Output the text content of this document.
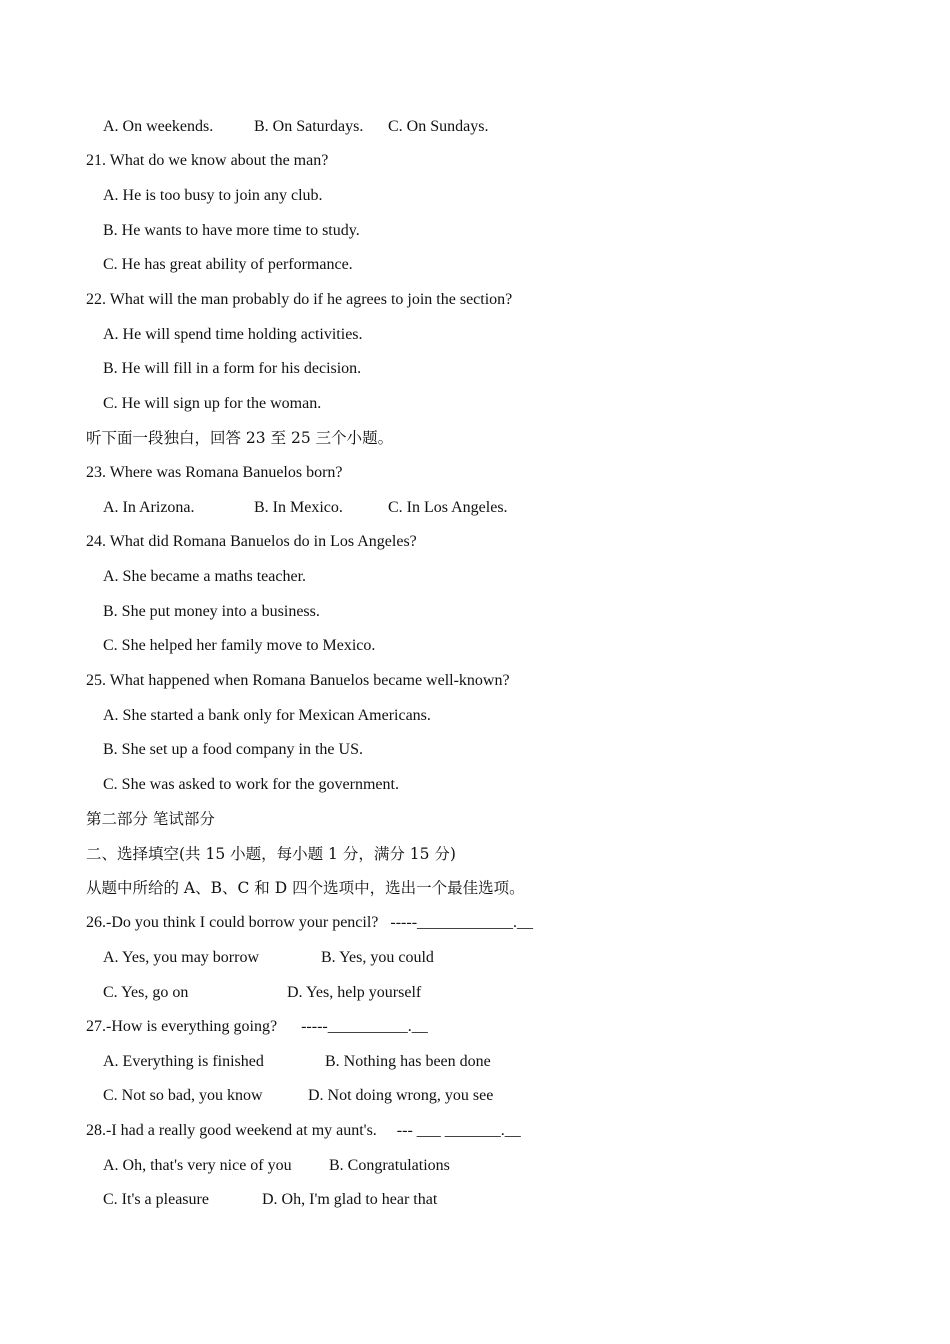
A. On weekends.

	B. On Saturdays.

C. On Sundays.

21. What do we know about the man?
A. He is too busy to join any club.
B. He wants to have more time to study.
C. He has great ability of performance.
22. What will the man probably do if he agrees to join the section?
A. He will spend time holding activities.
B. He will fill in a form for his decision.
C. He will sign up for the woman.
听下面一段独白，回答 23 至 25 三个小题。
23. Where was Romana Banuelos born?

A. In Arizona.

	B. In Mexico.

	C. In Los Angeles.

24. What did Romana Banuelos do in Los Angeles?
A. She became a maths teacher.
B. She put money into a business.
C. She helped her family move to Mexico.
25. What happened when Romana Banuelos became well-known?
A. She started a bank only for Mexican Americans.
B. She set up a food company in the US.
C. She was asked to work for the government.
第二部分 笔试部分
二、选择填空(共 15 小题，每小题 1 分，满分 15 分)
从题中所给的 A、B、C 和 D 四个选项中，选出一个最佳选项。
26.-Do you think I could borrow your pencil?   -----____________.__

A. Yes, you may borrow

	B. Yes, you could

C. Yes, go on

	D. Yes, help yourself

27.-How is everything going?      -----__________.__

A. Everything is finished

	B. Nothing has been done

C. Not so bad, you know

	D. Not doing wrong, you see

28.-I had a really good weekend at my aunt's.     --- ___ _______.__

A. Oh, that's very nice of you

B. Congratulations

C. It's a pleasure

	D. Oh, I'm glad to hear that
